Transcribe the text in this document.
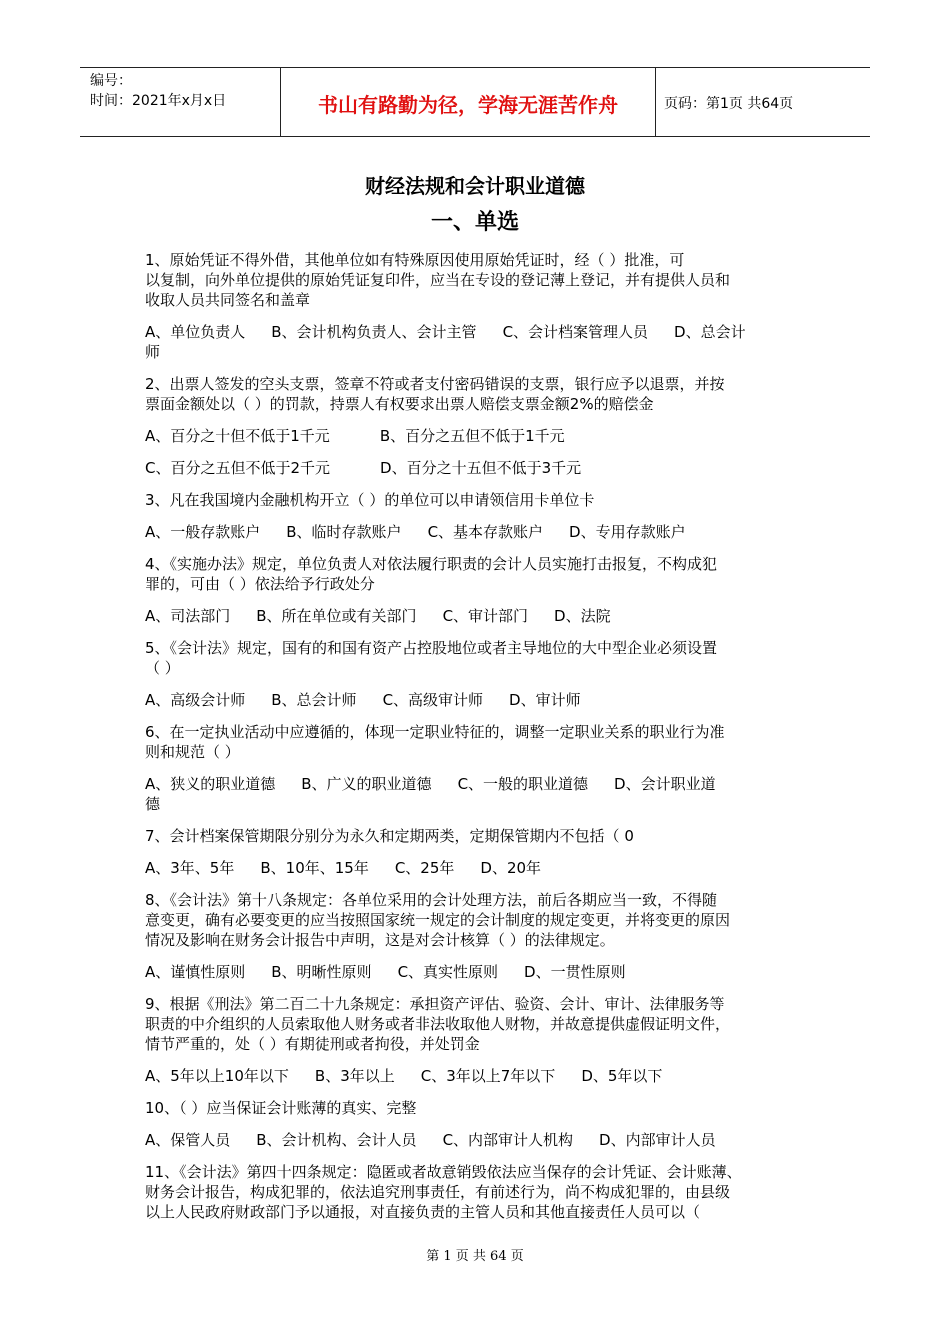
编号：
时间：2021年x月x日	书山有路勤为径，学海无涯苦作舟	页码：第1页 共64页
财经法规和会计职业道德
一、单选

1、原始凭证不得外借，其他单位如有特殊原因使用原始凭证时，经（ ）批准，可
以复制，向外单位提供的原始凭证复印件，应当在专设的登记薄上登记，并有提供人员和
收取人员共同签名和盖章

A、单位负责人 B、会计机构负责人、会计主管 C、会计档案管理人员 D、总会计
师

2、出票人签发的空头支票，签章不符或者支付密码错误的支票，银行应予以退票，并按
票面金额处以（ ）的罚款，持票人有权要求出票人赔偿支票金额2%的赔偿金

A、百分之十但不低于1千元	B、百分之五但不低于1千元

C、百分之五但不低于2千元	D、百分之十五但不低于3千元

3、凡在我国境内金融机构开立（ ）的单位可以申请领信用卡单位卡

A、一般存款账户 B、临时存款账户 C、基本存款账户 D、专用存款账户

4、《实施办法》规定，单位负责人对依法履行职责的会计人员实施打击报复，不构成犯
罪的，可由（ ）依法给予行政处分

A、司法部门 B、所在单位或有关部门 C、审计部门 D、法院

5、《会计法》规定，国有的和国有资产占控股地位或者主导地位的大中型企业必须设置
（ ）

A、高级会计师 B、总会计师 C、高级审计师 D、审计师

6、在一定执业活动中应遵循的，体现一定职业特征的，调整一定职业关系的职业行为准
则和规范（ ）

A、狭义的职业道德 B、广义的职业道德 C、一般的职业道德 D、会计职业道
德

7、会计档案保管期限分别分为永久和定期两类，定期保管期内不包括（ 0

A、3年、5年 B、10年、15年 C、25年 D、20年

8、《会计法》第十八条规定：各单位采用的会计处理方法，前后各期应当一致，不得随
意变更，确有必要变更的应当按照国家统一规定的会计制度的规定变更，并将变更的原因
情况及影响在财务会计报告中声明，这是对会计核算（ ）的法律规定。

A、谨慎性原则 B、明晰性原则 C、真实性原则 D、一贯性原则

9、根据《刑法》第二百二十九条规定：承担资产评估、验资、会计、审计、法律服务等
职责的中介组织的人员索取他人财务或者非法收取他人财物，并故意提供虚假证明文件，
情节严重的，处（ ）有期徒刑或者拘役，并处罚金

A、5年以上10年以下 B、3年以上 C、3年以上7年以下 D、5年以下

10、（ ）应当保证会计账薄的真实、完整

A、保管人员 B、会计机构、会计人员 C、内部审计人机构 D、内部审计人员

11、《会计法》第四十四条规定：隐匿或者故意销毁依法应当保存的会计凭证、会计账薄、
财务会计报告，构成犯罪的，依法追究刑事责任，有前述行为，尚不构成犯罪的，由县级
以上人民政府财政部门予以通报，对直接负责的主管人员和其他直接责任人员可以（

第 1 页 共 64 页
